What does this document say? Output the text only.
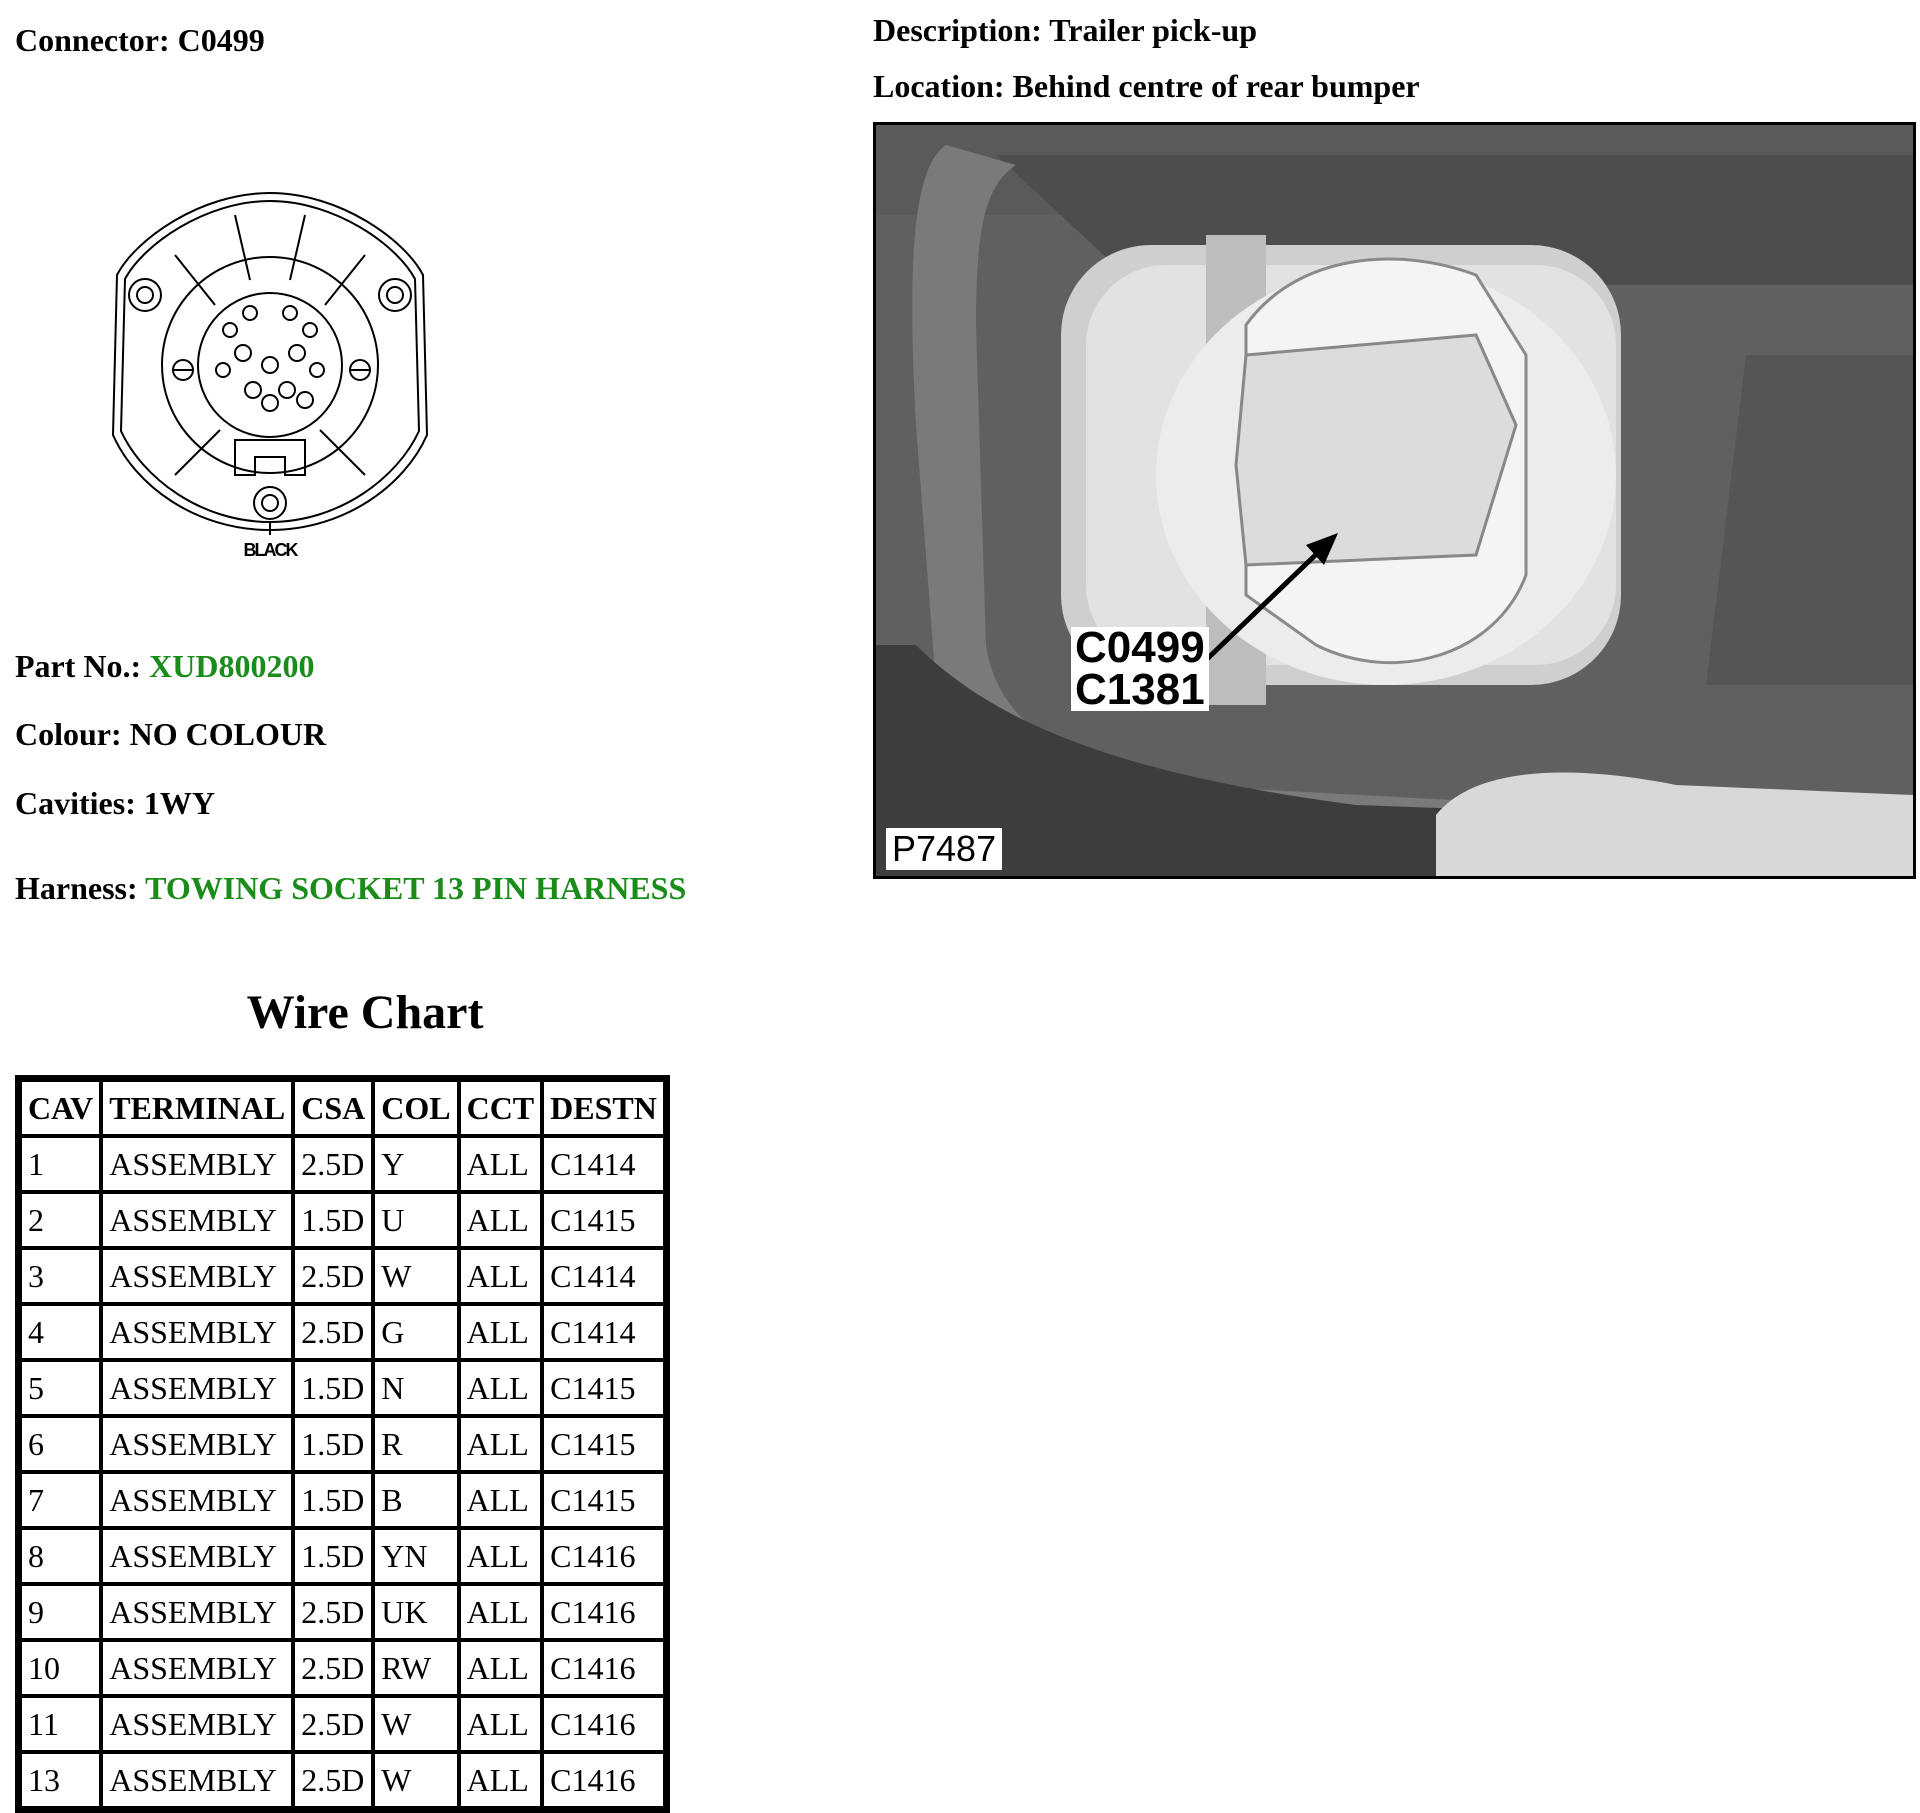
Connector: C0499	Description: Trailer pick-up
Location: Behind centre of rear bumper
BLACK
C0499
C1381
P7487
Part No.: XUD800200
Colour: NO COLOUR
Cavities: 1WY
Harness: TOWING SOCKET 13 PIN HARNESS
Wire Chart
CAV	TERMINAL	CSA	COL	CCT	DESTN
1	ASSEMBLY	2.5D	Y	ALL	C1414
2	ASSEMBLY	1.5D	U	ALL	C1415
3	ASSEMBLY	2.5D	W	ALL	C1414
4	ASSEMBLY	2.5D	G	ALL	C1414
5	ASSEMBLY	1.5D	N	ALL	C1415
6	ASSEMBLY	1.5D	R	ALL	C1415
7	ASSEMBLY	1.5D	B	ALL	C1415
8	ASSEMBLY	1.5D	YN	ALL	C1416
9	ASSEMBLY	2.5D	UK	ALL	C1416
10	ASSEMBLY	2.5D	RW	ALL	C1416
11	ASSEMBLY	2.5D	W	ALL	C1416
13	ASSEMBLY	2.5D	W	ALL	C1416
